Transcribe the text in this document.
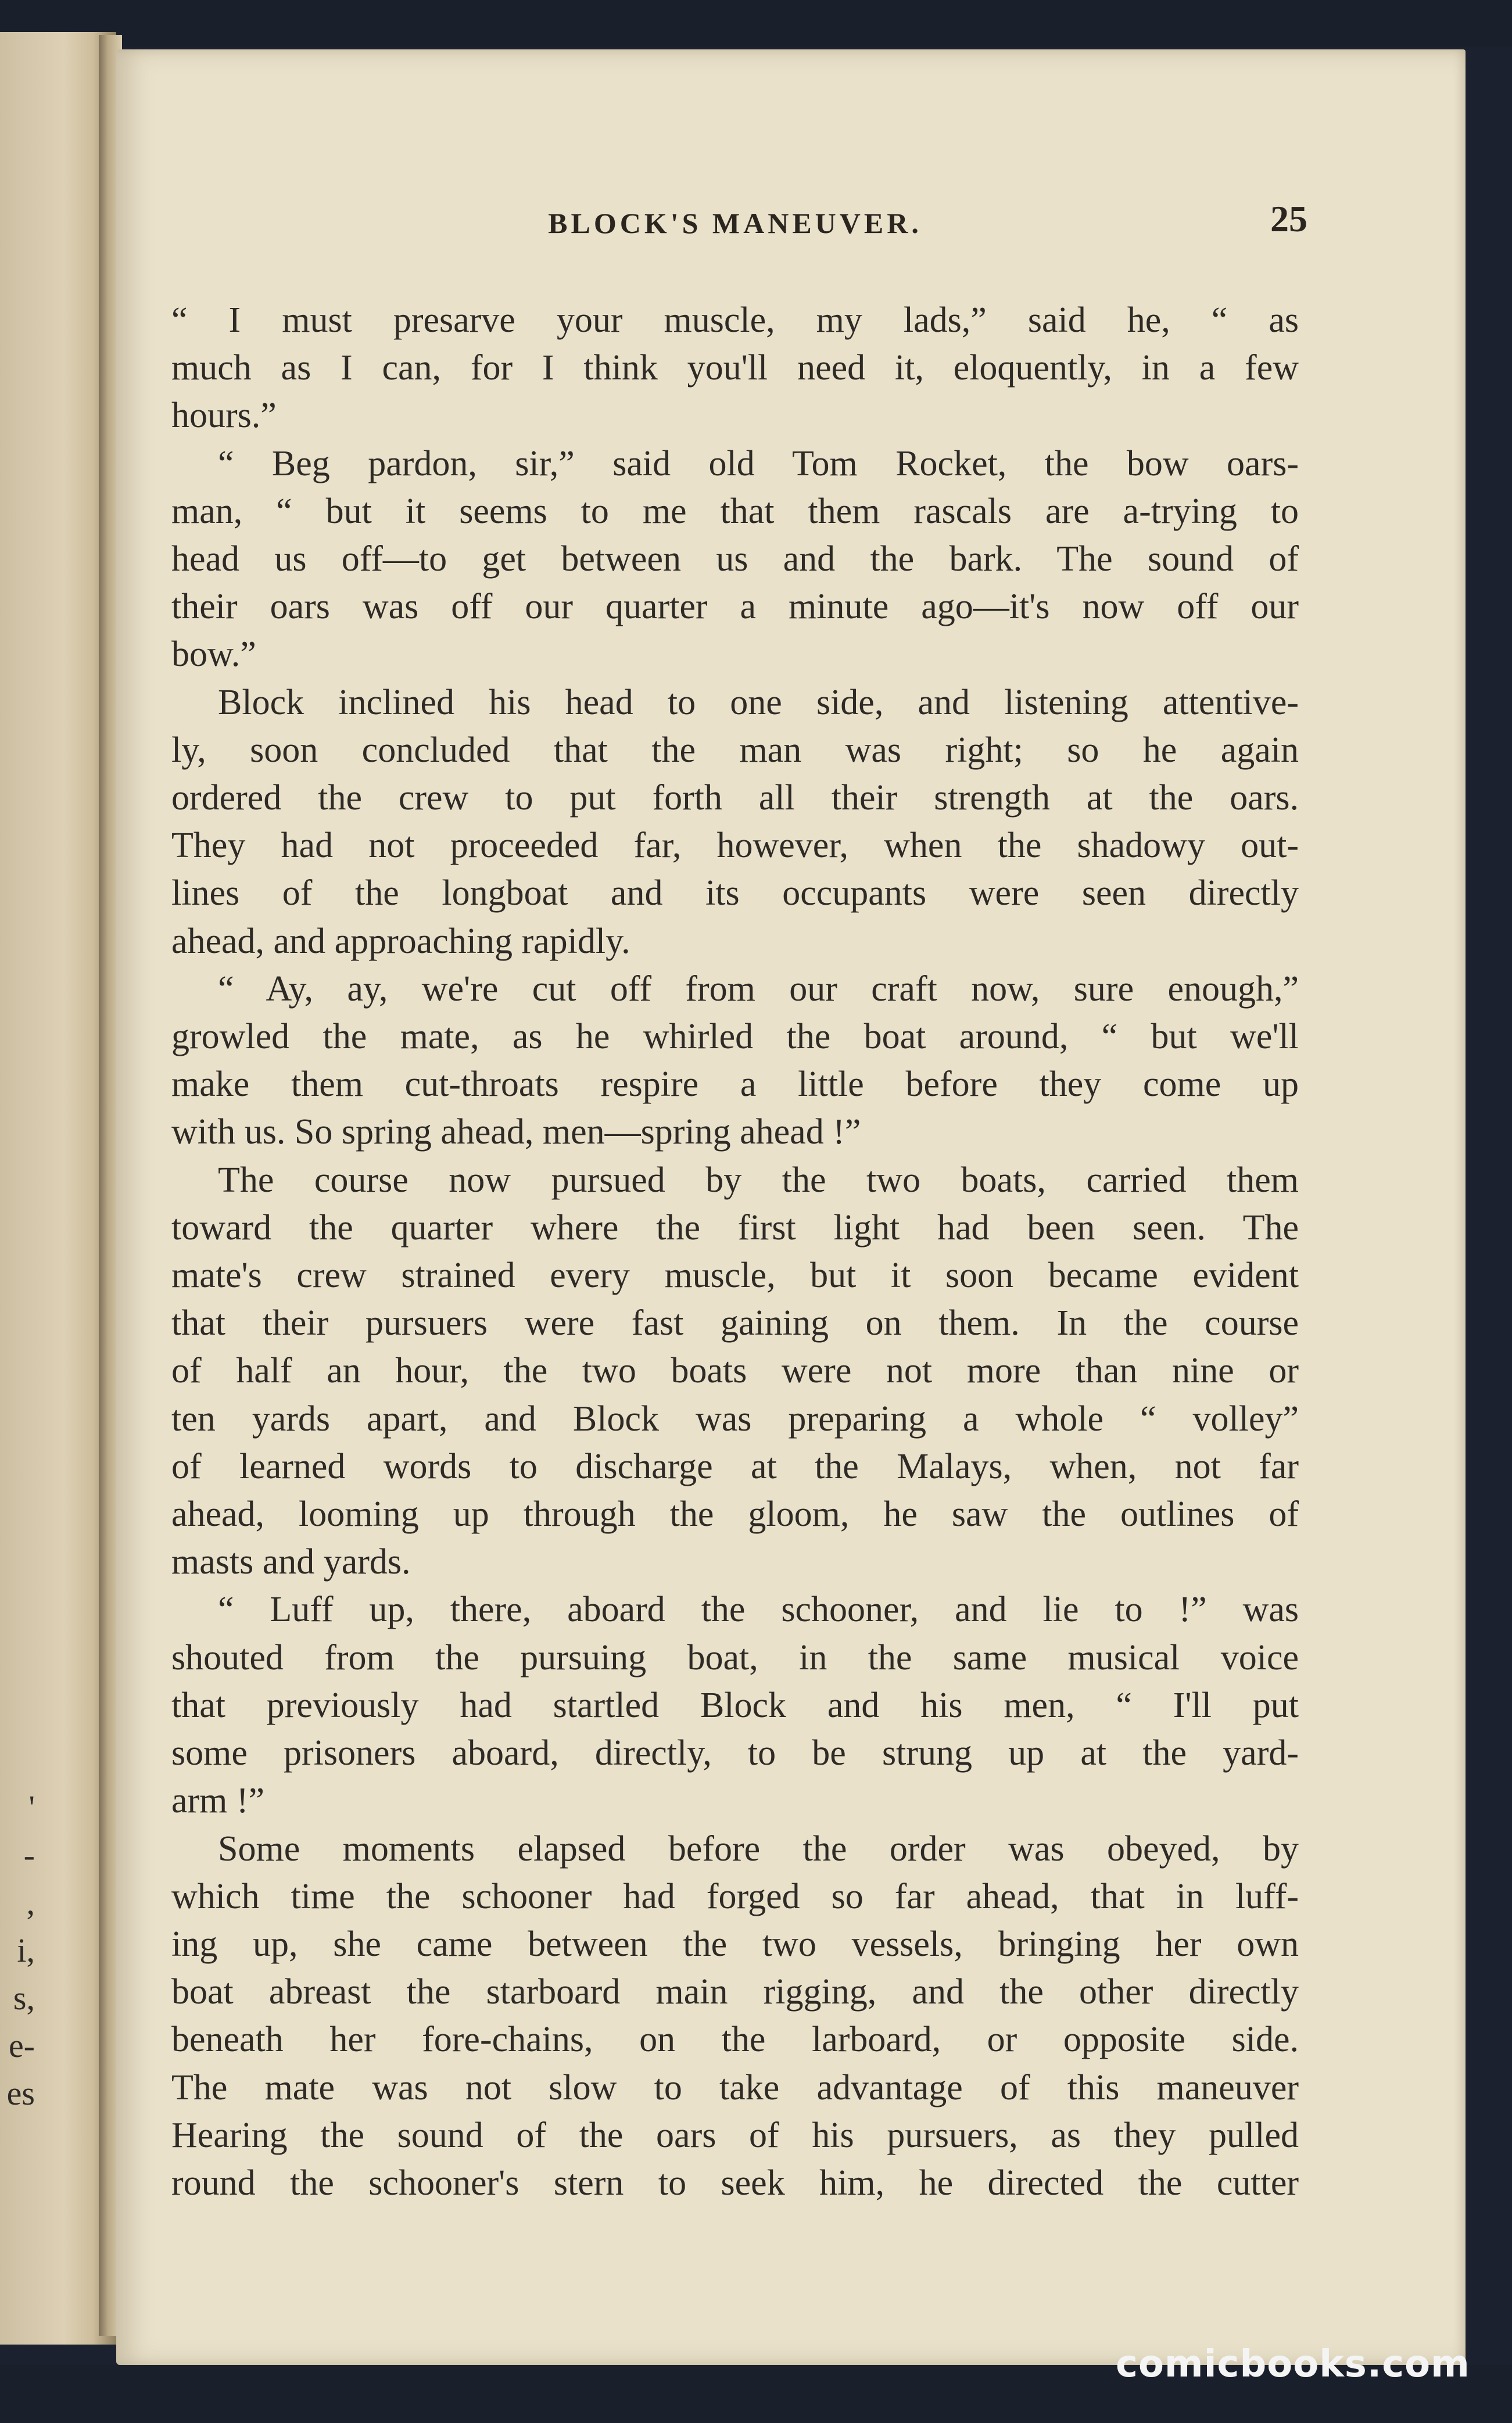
'
-
,
i,
s,
e-
es
BLOCK'S MANEUVER.	25

“ I must presarve your muscle, my lads,” said he, “ as
much as I can, for I think you'll need it, eloquently, in a few
hours.”
“ Beg pardon, sir,” said old Tom Rocket, the bow oars-
man, “ but it seems to me that them rascals are a-trying to
head us off—to get between us and the bark. The sound of
their oars was off our quarter a minute ago—it's now off our
bow.”
Block inclined his head to one side, and listening attentive-
ly, soon concluded that the man was right; so he again
ordered the crew to put forth all their strength at the oars.
They had not proceeded far, however, when the shadowy out-
lines of the longboat and its occupants were seen directly
ahead, and approaching rapidly.
“ Ay, ay, we're cut off from our craft now, sure enough,”
growled the mate, as he whirled the boat around, “ but we'll
make them cut-throats respire a little before they come up
with us. So spring ahead, men—spring ahead !”
The course now pursued by the two boats, carried them
toward the quarter where the first light had been seen. The
mate's crew strained every muscle, but it soon became evident
that their pursuers were fast gaining on them. In the course
of half an hour, the two boats were not more than nine or
ten yards apart, and Block was preparing a whole “ volley”
of learned words to discharge at the Malays, when, not far
ahead, looming up through the gloom, he saw the outlines of
masts and yards.
“ Luff up, there, aboard the schooner, and lie to !” was
shouted from the pursuing boat, in the same musical voice
that previously had startled Block and his men, “ I'll put
some prisoners aboard, directly, to be strung up at the yard-
arm !”
Some moments elapsed before the order was obeyed, by
which time the schooner had forged so far ahead, that in luff-
ing up, she came between the two vessels, bringing her own
boat abreast the starboard main rigging, and the other directly
beneath her fore-chains, on the larboard, or opposite side.
The mate was not slow to take advantage of this maneuver
Hearing the sound of the oars of his pursuers, as they pulled
round the schooner's stern to seek him, he directed the cutter

comicbooks.com
